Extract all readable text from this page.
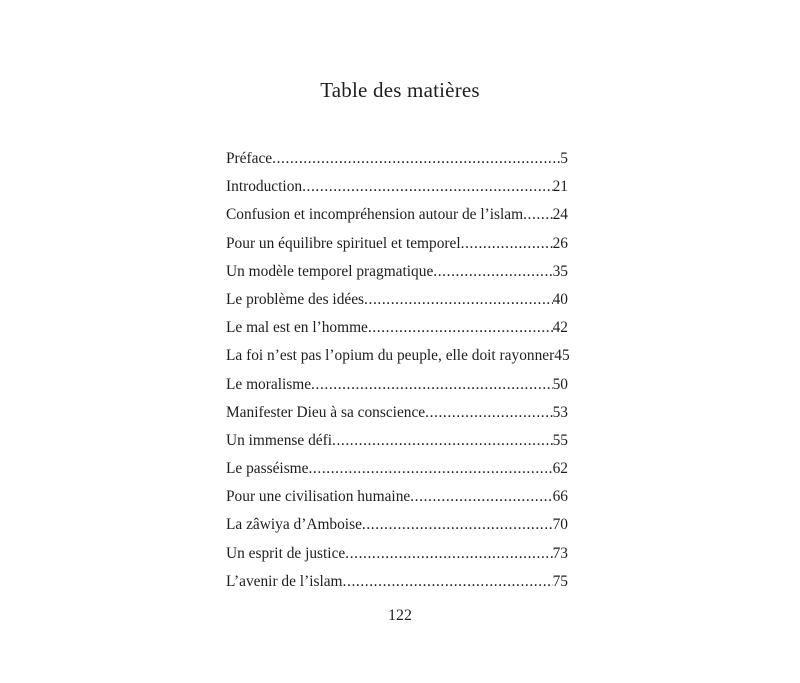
Table des matières
Préface .....	5
Introduction .....	21
Confusion et incompréhension autour de l’islam ..... 24
Pour un équilibre spirituel et temporel .....	26
Un modèle temporel pragmatique .....	35
Le problème des idées .....	40
Le mal est en l’homme .....	42
La foi n’est pas l’opium du peuple, elle doit rayonner 45
Le moralisme .....	50
Manifester Dieu à sa conscience .....	53
Un immense défi .....	55
Le passéisme .....	62
Pour une civilisation humaine .....	66
La zâwiya d’Amboise .....	70
Un esprit de justice .....	73
L’avenir de l’islam .....	75
122
